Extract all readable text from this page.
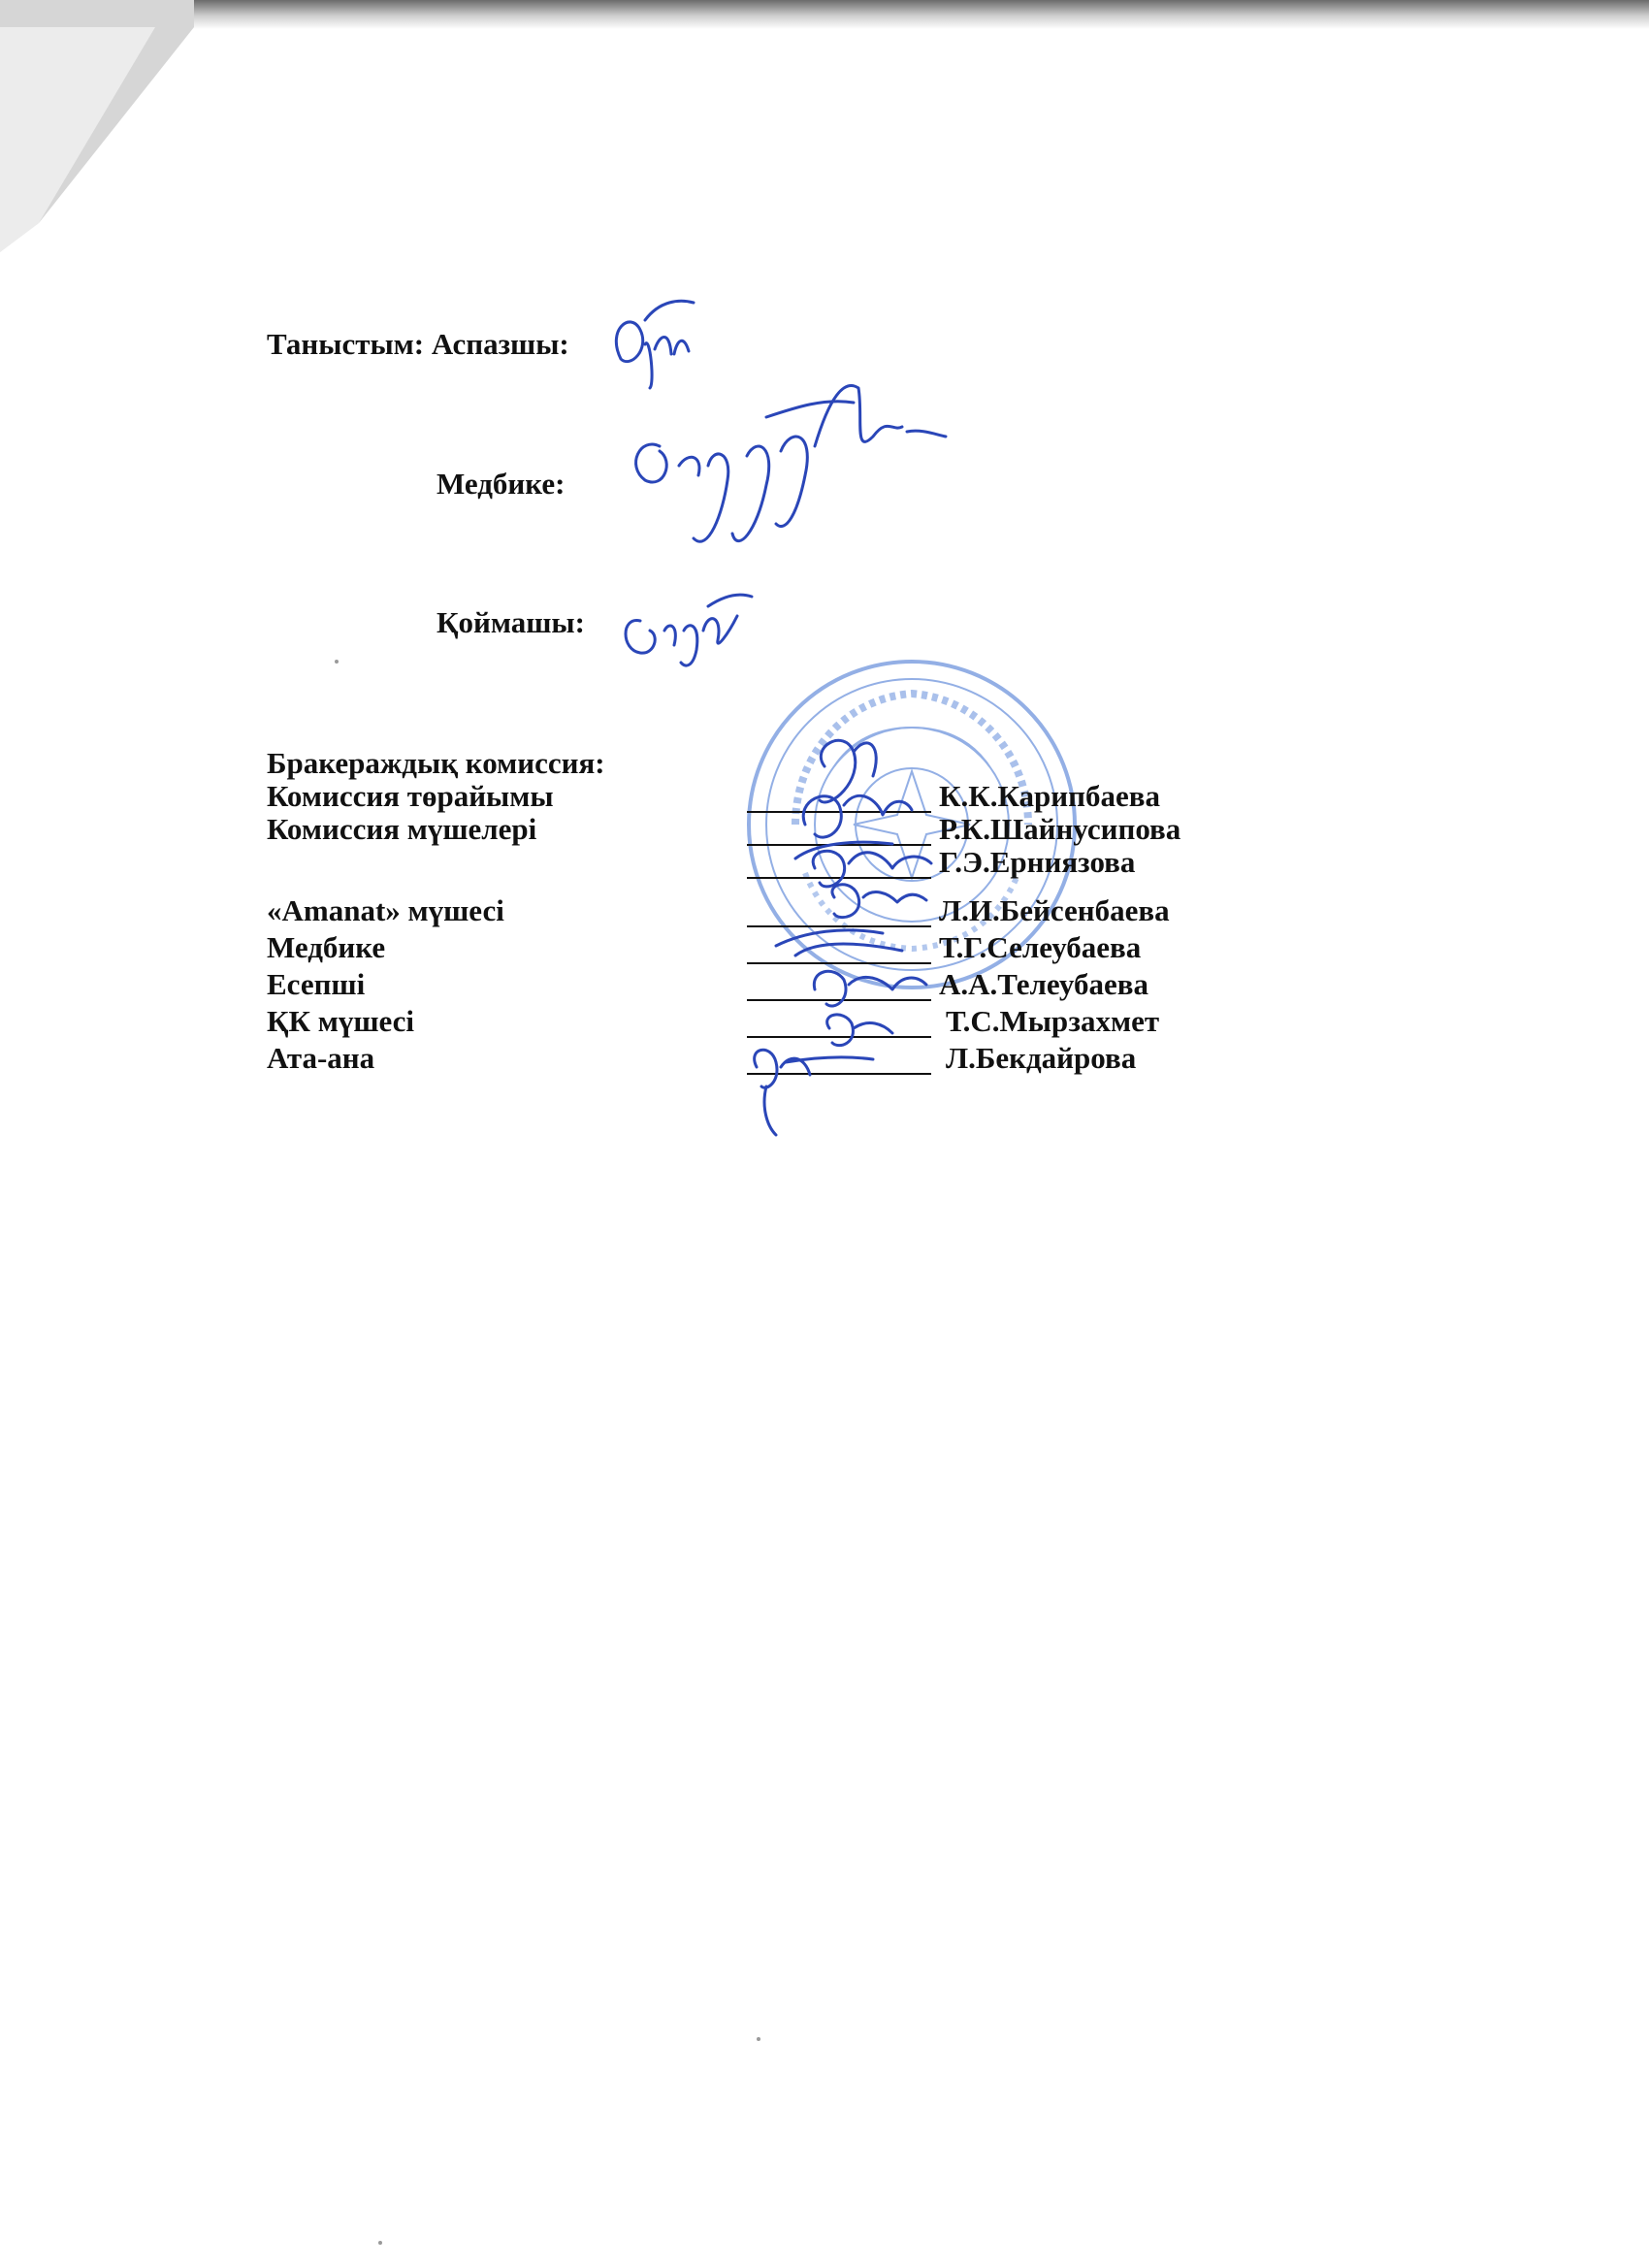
Таныстым: Аспазшы:
Медбике:
Қоймашы:
Бракераждық комиссия:
Комиссия төрайымы	К.К.Карипбаева
Комиссия мүшелері	Р.К.Шайнусипова
Г.Э.Ерниязова
«Amanat» мүшесі	Л.И.Бейсенбаева
Медбике	Т.Г.Селеубаева
Есепші	А.А.Телеубаева
ҚК мүшесі	Т.С.Мырзахмет
Ата-ана	Л.Бекдайрова
